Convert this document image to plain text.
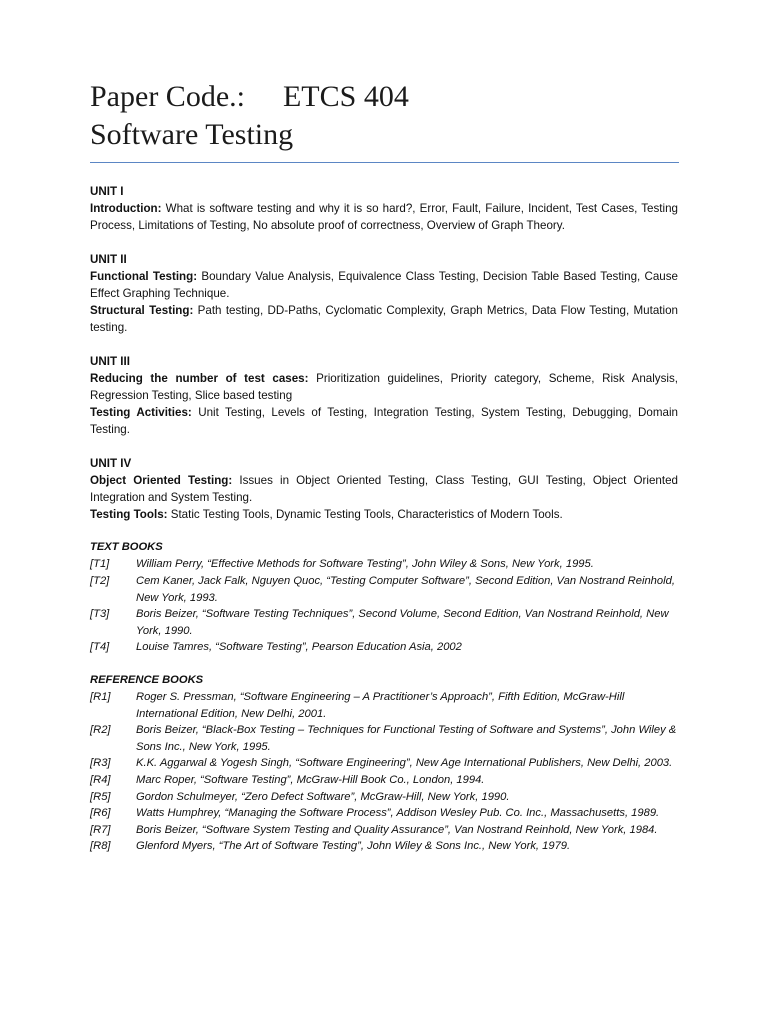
Paper Code.: ETCS 404
Software Testing
UNIT I

Introduction: What is software testing and why it is so hard?, Error, Fault, Failure, Incident, Test Cases, Testing Process, Limitations of Testing, No absolute proof of correctness, Overview of Graph Theory.

UNIT II

Functional Testing: Boundary Value Analysis, Equivalence Class Testing, Decision Table Based Testing, Cause Effect Graphing Technique.

Structural Testing: Path testing, DD-Paths, Cyclomatic Complexity, Graph Metrics, Data Flow Testing, Mutation testing.

UNIT III

Reducing the number of test cases: Prioritization guidelines, Priority category, Scheme, Risk Analysis, Regression Testing, Slice based testing

Testing Activities: Unit Testing, Levels of Testing, Integration Testing, System Testing, Debugging, Domain Testing.

UNIT IV

Object Oriented Testing: Issues in Object Oriented Testing, Class Testing, GUI Testing, Object Oriented Integration and System Testing.

Testing Tools: Static Testing Tools, Dynamic Testing Tools, Characteristics of Modern Tools.

TEXT BOOKS
[T1]	William Perry, “Effective Methods for Software Testing”, John Wiley & Sons, New York, 1995.
[T2]	Cem Kaner, Jack Falk, Nguyen Quoc, “Testing Computer Software”, Second Edition, Van Nostrand Reinhold, New York, 1993.
[T3]	Boris Beizer, “Software Testing Techniques”, Second Volume, Second Edition, Van Nostrand Reinhold, New York, 1990.
[T4]	Louise Tamres, “Software Testing”, Pearson Education Asia, 2002
REFERENCE BOOKS
[R1]	Roger S. Pressman, “Software Engineering – A Practitioner’s Approach”, Fifth Edition, McGraw-Hill International Edition, New Delhi, 2001.
[R2]	Boris Beizer, “Black-Box Testing – Techniques for Functional Testing of Software and Systems”, John Wiley & Sons Inc., New York, 1995.
[R3]	K.K. Aggarwal & Yogesh Singh, “Software Engineering”, New Age International Publishers, New Delhi, 2003.
[R4]	Marc Roper, “Software Testing”, McGraw-Hill Book Co., London, 1994.
[R5]	Gordon Schulmeyer, “Zero Defect Software”, McGraw-Hill, New York, 1990.
[R6]	Watts Humphrey, “Managing the Software Process”, Addison Wesley Pub. Co. Inc., Massachusetts, 1989.
[R7]	Boris Beizer, “Software System Testing and Quality Assurance”, Van Nostrand Reinhold, New York, 1984.
[R8]	Glenford Myers, “The Art of Software Testing”, John Wiley & Sons Inc., New York, 1979.
